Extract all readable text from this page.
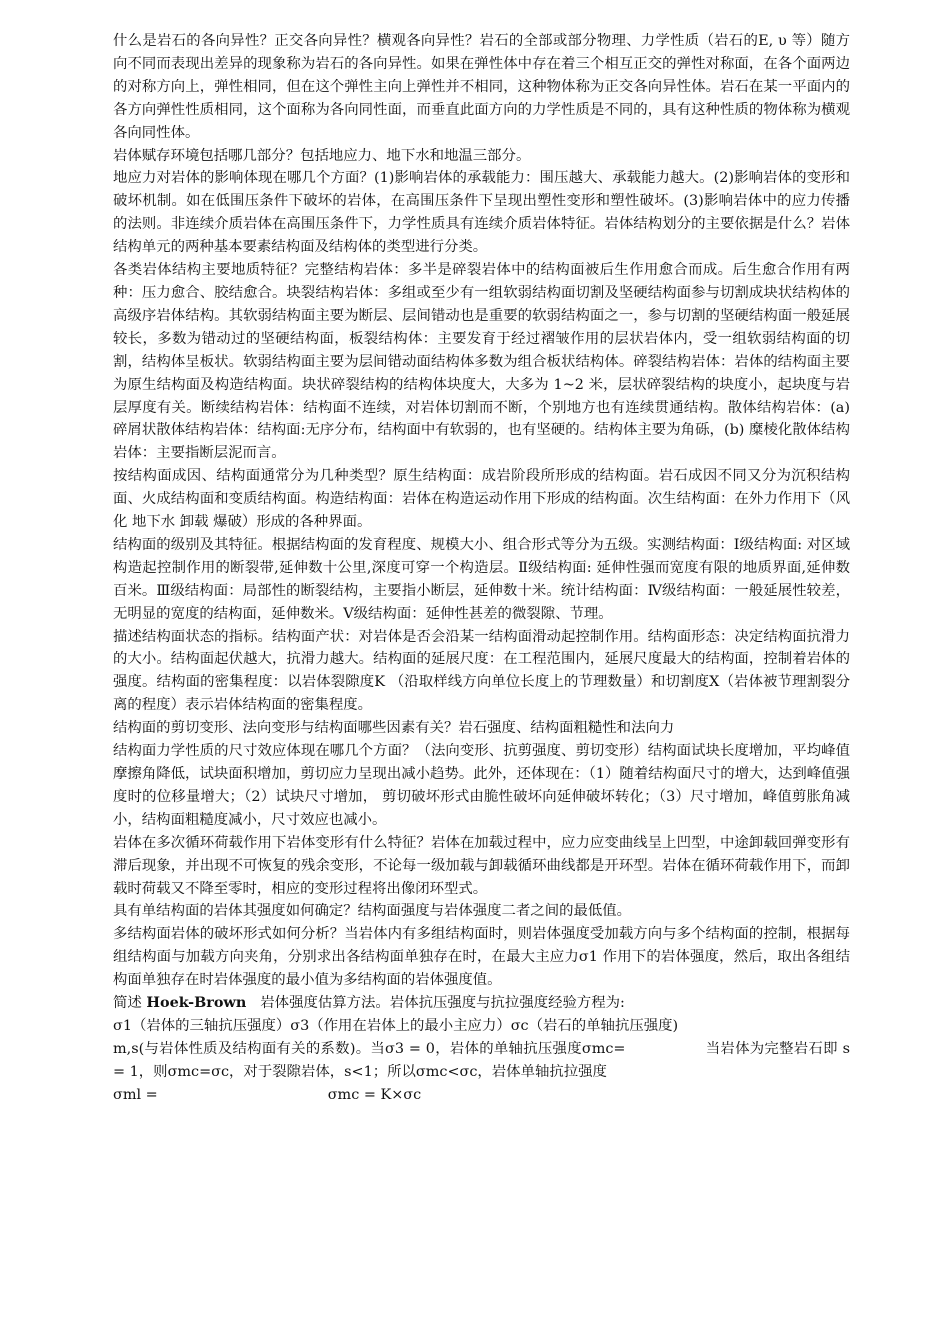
什么是岩石的各向异性？正交各向异性？横观各向异性？岩石的全部或部分物理、力学性质（岩石的E, υ 等）随方向不同而表现出差异的现象称为岩石的各向异性。如果在弹性体中存在着三个相互正交的弹性对称面，在各个面两边的对称方向上，弹性相同，但在这个弹性主向上弹性并不相同，这种物体称为正交各向异性体。岩石在某一平面内的各方向弹性性质相同，这个面称为各向同性面，而垂直此面方向的力学性质是不同的，具有这种性质的物体称为横观各向同性体。

岩体赋存环境包括哪几部分？包括地应力、地下水和地温三部分。

地应力对岩体的影响体现在哪几个方面？(1)影响岩体的承载能力：围压越大、承载能力越大。(2)影响岩体的变形和破坏机制。如在低围压条件下破坏的岩体，在高围压条件下呈现出塑性变形和塑性破坏。(3)影响岩体中的应力传播的法则。非连续介质岩体在高围压条件下，力学性质具有连续介质岩体特征。岩体结构划分的主要依据是什么？岩体结构单元的两种基本要素结构面及结构体的类型进行分类。

各类岩体结构主要地质特征？完整结构岩体：多半是碎裂岩体中的结构面被后生作用愈合而成。后生愈合作用有两种：压力愈合、胶结愈合。块裂结构岩体：多组或至少有一组软弱结构面切割及坚硬结构面参与切割成块状结构体的高级序岩体结构。其软弱结构面主要为断层、层间错动也是重要的软弱结构面之一，参与切割的坚硬结构面一般延展较长，多数为错动过的坚硬结构面，板裂结构体：主要发育于经过褶皱作用的层状岩体内，受一组软弱结构面的切割，结构体呈板状。软弱结构面主要为层间错动面结构体多数为组合板状结构体。碎裂结构岩体：岩体的结构面主要为原生结构面及构造结构面。块状碎裂结构的结构体块度大，大多为 1~2 米，层状碎裂结构的块度小，起块度与岩层厚度有关。断续结构岩体：结构面不连续，对岩体切割而不断，个别地方也有连续贯通结构。散体结构岩体：(a) 碎屑状散体结构岩体：结构面:无序分布，结构面中有软弱的，也有坚硬的。结构体主要为角砾，(b) 糜棱化散体结构岩体：主要指断层泥而言。

按结构面成因、结构面通常分为几种类型？原生结构面：成岩阶段所形成的结构面。岩石成因不同又分为沉积结构面、火成结构面和变质结构面。构造结构面：岩体在构造运动作用下形成的结构面。次生结构面：在外力作用下（风化 地下水 卸载 爆破）形成的各种界面。

结构面的级别及其特征。根据结构面的发育程度、规模大小、组合形式等分为五级。实测结构面：Ⅰ级结构面: 对区域构造起控制作用的断裂带,延伸数十公里,深度可穿一个构造层。Ⅱ级结构面: 延伸性强而宽度有限的地质界面,延伸数百米。Ⅲ级结构面：局部性的断裂结构，主要指小断层，延伸数十米。统计结构面：Ⅳ级结构面：一般延展性较差，无明显的宽度的结构面，延伸数米。Ⅴ级结构面：延伸性甚差的微裂隙、节理。

描述结构面状态的指标。结构面产状：对岩体是否会沿某一结构面滑动起控制作用。结构面形态：决定结构面抗滑力的大小。结构面起伏越大，抗滑力越大。结构面的延展尺度：在工程范围内，延展尺度最大的结构面，控制着岩体的强度。结构面的密集程度：以岩体裂隙度K （沿取样线方向单位长度上的节理数量）和切割度X（岩体被节理割裂分离的程度）表示岩体结构面的密集程度。

结构面的剪切变形、法向变形与结构面哪些因素有关？岩石强度、结构面粗糙性和法向力

结构面力学性质的尺寸效应体现在哪几个方面？（法向变形、抗剪强度、剪切变形）结构面试块长度增加，平均峰值摩擦角降低，试块面积增加，剪切应力呈现出减小趋势。此外，还体现在：（1）随着结构面尺寸的增大，达到峰值强度时的位移量增大；（2）试块尺寸增加， 剪切破坏形式由脆性破坏向延伸破坏转化；（3）尺寸增加，峰值剪胀角减小，结构面粗糙度减小，尺寸效应也减小。

岩体在多次循环荷载作用下岩体变形有什么特征？岩体在加载过程中，应力应变曲线呈上凹型，中途卸载回弹变形有滞后现象，并出现不可恢复的残余变形，不论每一级加载与卸载循环曲线都是开环型。岩体在循环荷载作用下，而卸载时荷载又不降至零时，相应的变形过程将出像闭环型式。

具有单结构面的岩体其强度如何确定？结构面强度与岩体强度二者之间的最低值。

多结构面岩体的破坏形式如何分析？当岩体内有多组结构面时，则岩体强度受加载方向与多个结构面的控制，根据每组结构面与加载方向夹角，分别求出各结构面单独存在时，在最大主应力σ1 作用下的岩体强度，然后，取出各组结构面单独存在时岩体强度的最小值为多结构面的岩体强度值。

简述 Hoek-Brown 岩体强度估算方法。岩体抗压强度与抗拉强度经验方程为:

σ1（岩体的三轴抗压强度）σ3（作用在岩体上的最小主应力）σc（岩石的单轴抗压强度)

m,s(与岩体性质及结构面有关的系数)。当σ3 = 0，岩体的单轴抗压强度σmc=	当岩体为完整岩石即 s = 1，则σmc=σc，对于裂隙岩体，s<1；所以σmc<σc，岩体单轴抗拉强度

σml =	σmc = K×σc
